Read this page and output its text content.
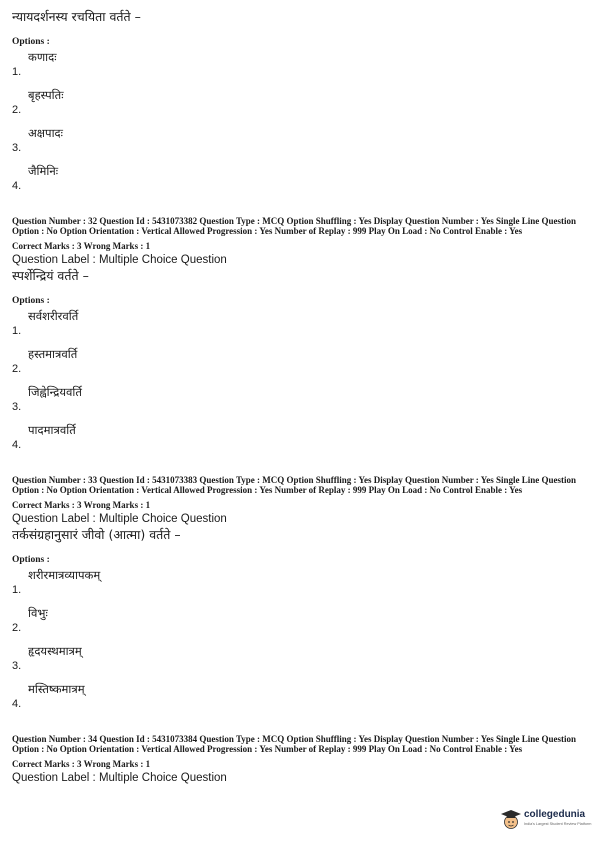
न्यायदर्शनस्य रचयिता वर्तते –

Options :
1.
कणादः
2.
बृहस्पतिः
3.
अक्षपादः
4.
जैमिनिः
Question Number : 32 Question Id : 5431073382 Question Type : MCQ Option Shuffling : Yes Display Question Number : Yes Single Line Question Option : No Option Orientation : Vertical Allowed Progression : Yes Number of Replay : 999 Play On Load : No Control Enable : Yes
Correct Marks : 3 Wrong Marks : 1
Question Label : Multiple Choice Question

स्पर्शेन्द्रियं वर्तते –

Options :
1.
सर्वशरीरवर्ति
2.
हस्तमात्रवर्ति
3.
जिह्वेन्द्रियवर्ति
4.
पादमात्रवर्ति
Question Number : 33 Question Id : 5431073383 Question Type : MCQ Option Shuffling : Yes Display Question Number : Yes Single Line Question Option : No Option Orientation : Vertical Allowed Progression : Yes Number of Replay : 999 Play On Load : No Control Enable : Yes
Correct Marks : 3 Wrong Marks : 1
Question Label : Multiple Choice Question

तर्कसंग्रहानुसारं जीवो (आत्मा) वर्तते –

Options :
1.
शरीरमात्रव्यापकम्
2.
विभुः
3.
हृदयस्थमात्रम्
4.
मस्तिष्कमात्रम्
Question Number : 34 Question Id : 5431073384 Question Type : MCQ Option Shuffling : Yes Display Question Number : Yes Single Line Question Option : No Option Orientation : Vertical Allowed Progression : Yes Number of Replay : 999 Play On Load : No Control Enable : Yes
Correct Marks : 3 Wrong Marks : 1
Question Label : Multiple Choice Question
collegedunia
India's Largest Student Review Platform
